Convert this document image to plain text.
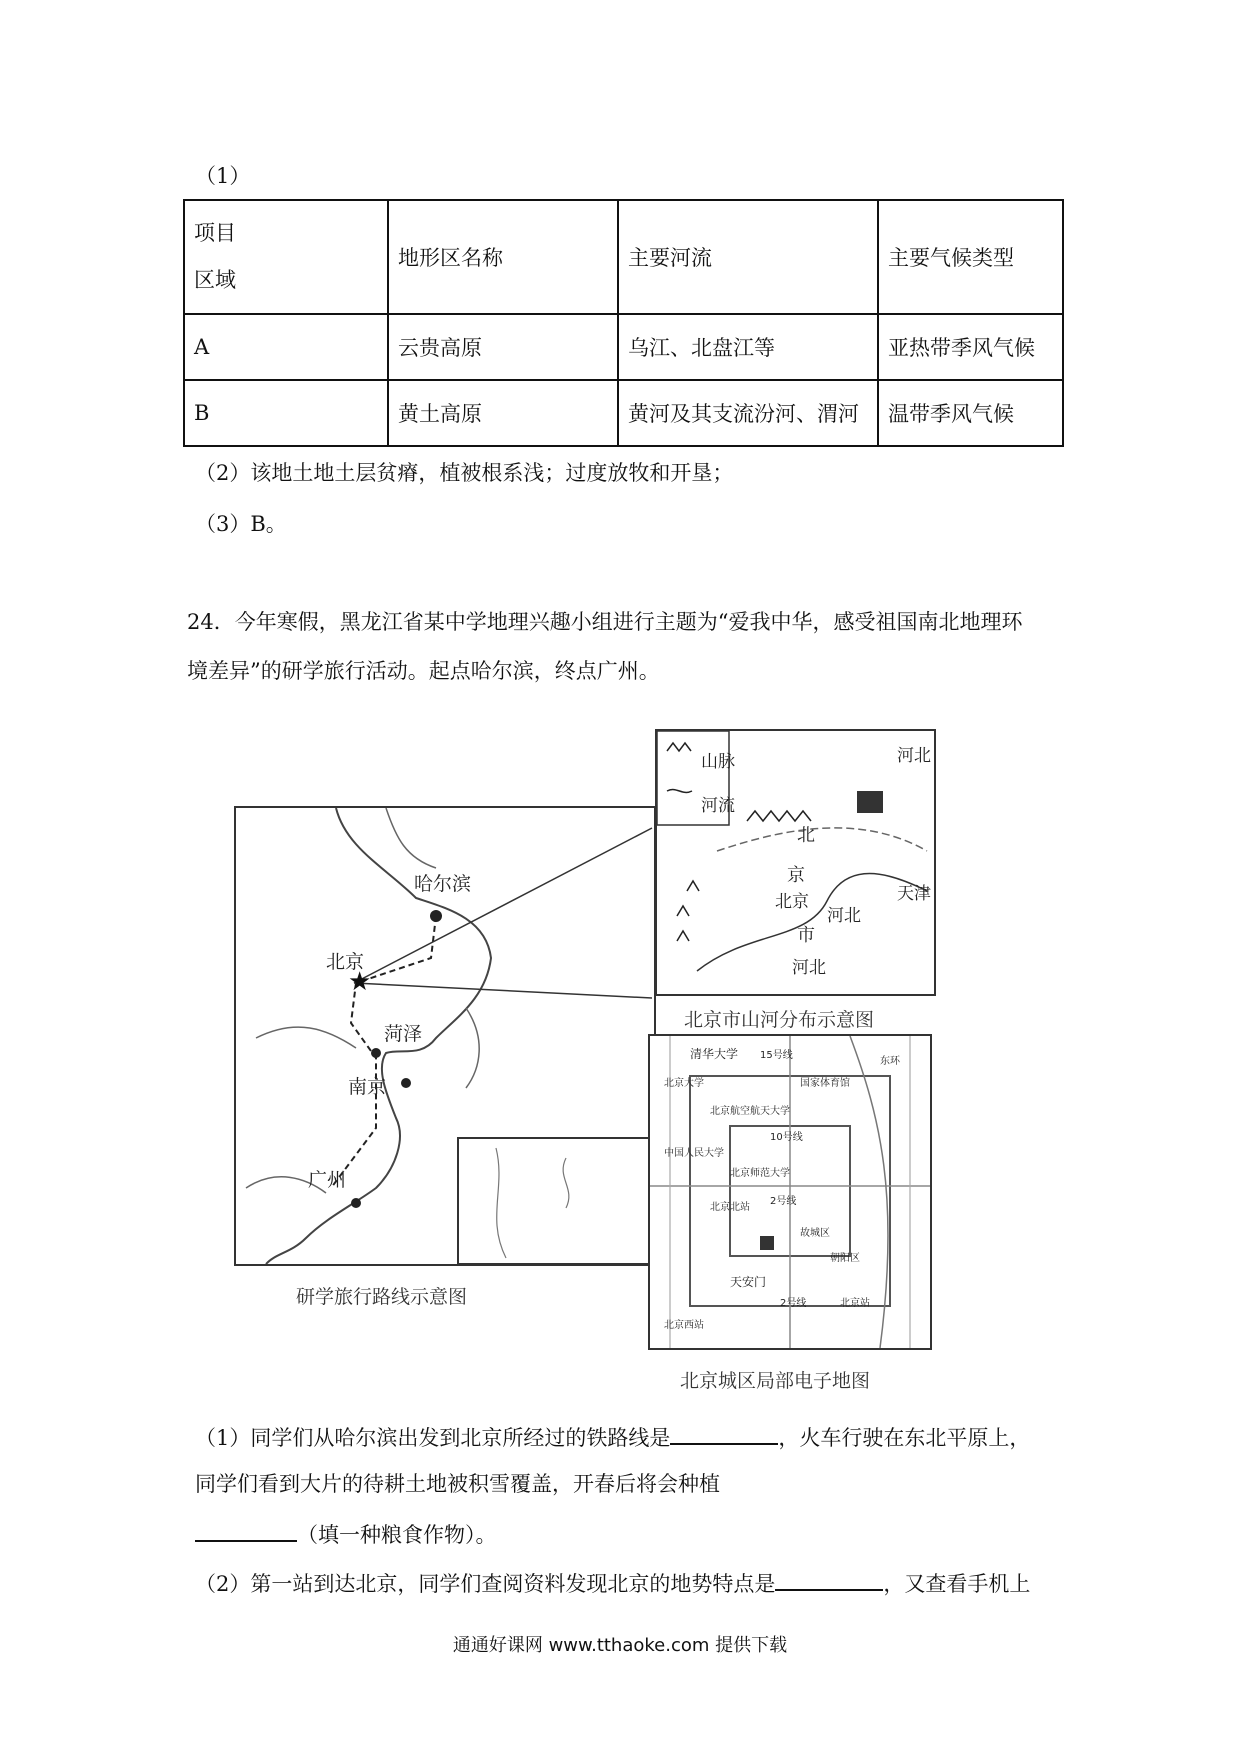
（1）
项目
区域	地形区名称	主要河流	主要气候类型
A	云贵高原	乌江、北盘江等	亚热带季风气候
B	黄土高原	黄河及其支流汾河、渭河	温带季风气候
（2）该地土地土层贫瘠，植被根系浅；过度放牧和开垦；
（3）B。
24．今年寒假，黑龙江省某中学地理兴趣小组进行主题为“爱我中华，感受祖国南北地理环
境差异”的研学旅行活动。起点哈尔滨，终点广州。
哈尔滨
★
北京
菏泽
南京
广州
研学旅行路线示意图
山脉
河流
河北
北
京
北京
河北
天津
市
河北
北京市山河分布示意图
清华大学 15号线
北京大学	国家体育馆
北京航空航天大学
10号线
中国人民大学
北京师范大学
北京北站
2号线
故城区
朝阳区
天安门
2号线	北京站
北京西站
东环
北京城区局部电子地图
（1）同学们从哈尔滨出发到北京所经过的铁路线是	，火车行驶在东北平原上，
同学们看到大片的待耕土地被积雪覆盖，开春后将会种植
（填一种粮食作物）。
（2）第一站到达北京，同学们查阅资料发现北京的地势特点是	，又查看手机上
通通好课网 www.tthaoke.com 提供下载
